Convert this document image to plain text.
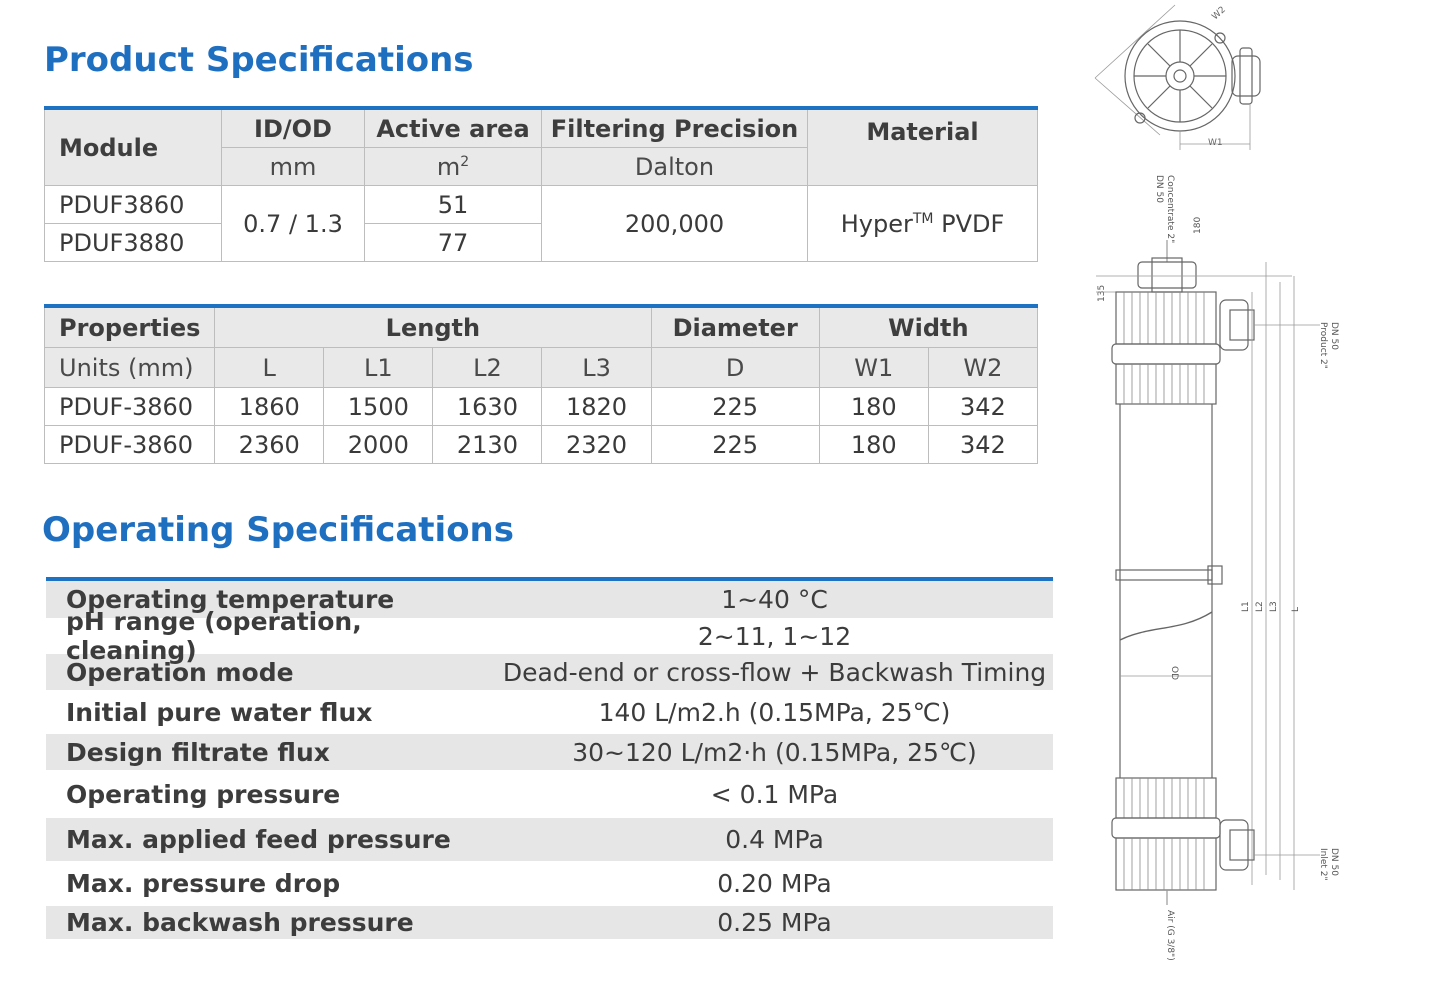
Product Specifications
Module	ID/OD	Active area	Filtering Precision	Material
	mm	$m^2$	Dalton	
PDUF3860	0.7 / 1.3	51	200,000	Hyper™ PVDF
PDUF3880		77		
Properties	Length				Diameter	Width	
Units (mm)	L	L1	L2	L3	D	W1	W2
PDUF-3860	1860	1500	1630	1820	225	180	342
PDUF-3860	2360	2000	2130	2320	225	180	342
Operating Specifications
Operating temperature	1~40 °C
pH range (operation, cleaning)	2~11, 1~12
Operation mode	Dead-end or cross-flow + Backwash Timing
Initial pure water flux	140 L/m2.h (0.15MPa, 25℃)
Design filtrate flux	30~120 L/m2·h (0.15MPa, 25℃)
Operating pressure	< 0.1 MPa
Max. applied feed pressure	0.4 MPa
Max. pressure drop	0.20 MPa
Max. backwash pressure	0.25 MPa
W2
W1
Concentrate 2"
DN 50
180
135
DN 50
Product 2"
OD
L1 L2 L3 L
DN 50
Inlet 2"
Air (G 3/8")
